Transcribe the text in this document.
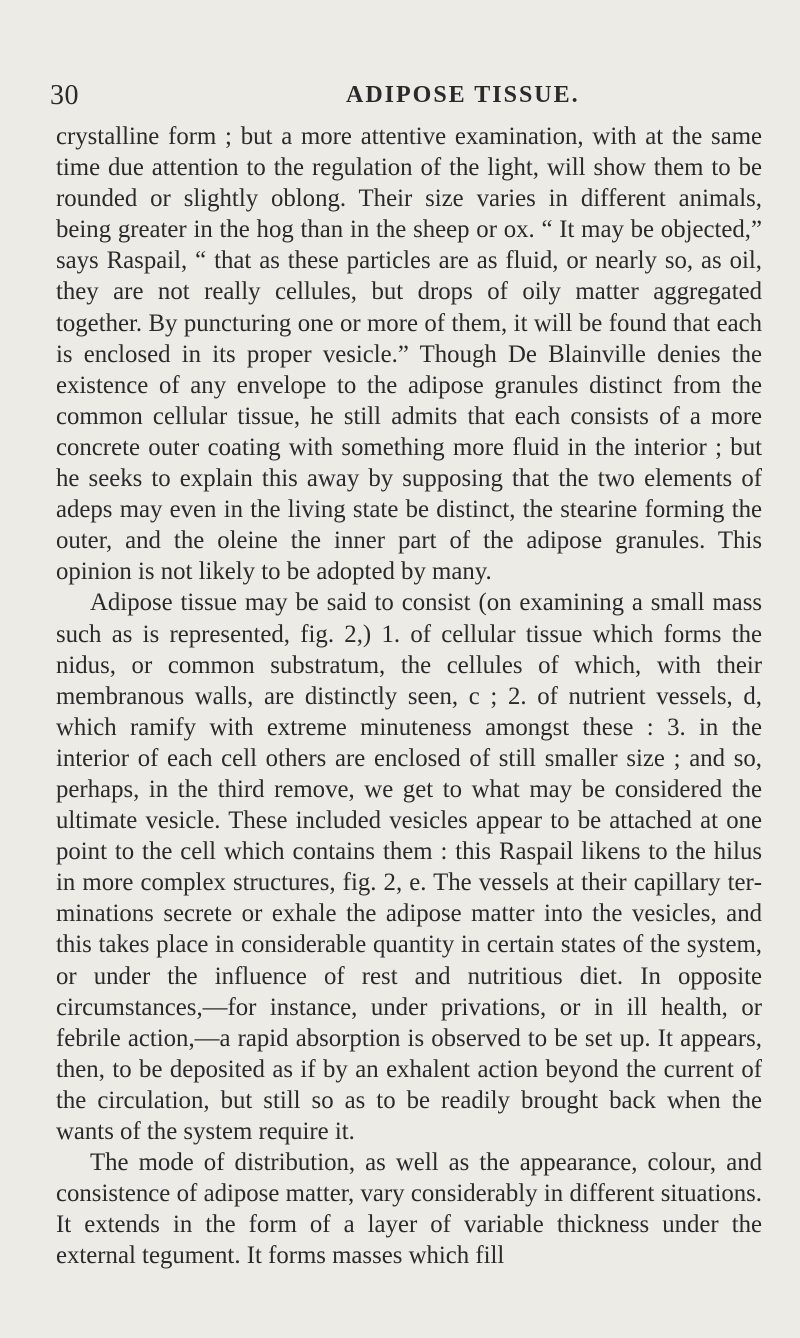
30	ADIPOSE TISSUE.

crystalline form ; but a more attentive examination, with at the same time due attention to the regulation of the light, will show them to be rounded or slightly oblong. Their size varies in different animals, being greater in the hog than in the sheep or ox. “ It may be objected,” says Raspail, “ that as these particles are as fluid, or nearly so, as oil, they are not really cellules, but drops of oily matter aggregated together. By puncturing one or more of them, it will be found that each is enclosed in its proper vesicle.” Though De Blainville denies the existence of any envelope to the adipose granules distinct from the common cellular tissue, he still admits that each consists of a more concrete outer coating with something more fluid in the interior ; but he seeks to explain this away by supposing that the two elements of adeps may even in the living state be distinct, the stearine forming the outer, and the oleine the inner part of the adipose granules. This opinion is not likely to be adopted by many.

Adipose tissue may be said to consist (on examining a small mass such as is represented, fig. 2,) 1. of cellular tissue which forms the nidus, or common substratum, the cellules of which, with their membranous walls, are distinctly seen, c ; 2. of nutrient vessels, d, which ramify with extreme minuteness amongst these : 3. in the interior of each cell others are enclosed of still smaller size ; and so, perhaps, in the third remove, we get to what may be considered the ultimate vesicle. These included vesicles appear to be attached at one point to the cell which contains them : this Raspail likens to the hilus in more complex structures, fig. 2, e. The vessels at their capillary terminations secrete or exhale the adipose matter into the vesicles, and this takes place in considerable quantity in certain states of the system, or under the influence of rest and nutritious diet. In opposite circumstances,—for instance, under privations, or in ill health, or febrile action,—a rapid absorption is observed to be set up. It appears, then, to be deposited as if by an exhalent action beyond the current of the circulation, but still so as to be readily brought back when the wants of the system require it.

The mode of distribution, as well as the appearance, colour, and consistence of adipose matter, vary considerably in different situations. It extends in the form of a layer of variable thickness under the external tegument. It forms masses which fill
